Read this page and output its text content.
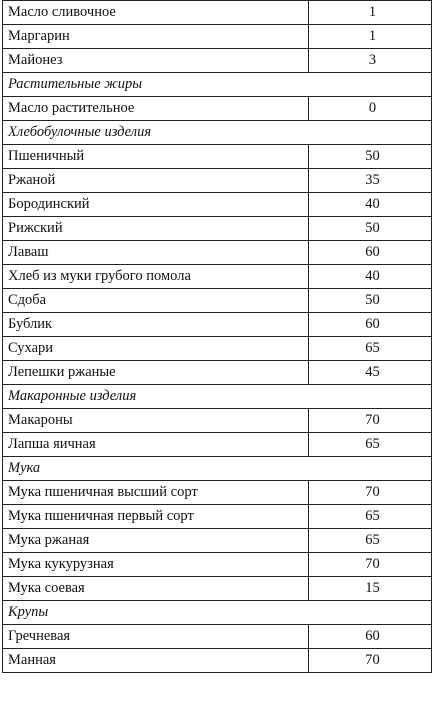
Масло сливочное	1
Маргарин	1
Майонез	3
Растительные жиры	
Масло растительное	0
Хлебобулочные изделия	
Пшеничный	50
Ржаной	35
Бородинский	40
Рижский	50
Лаваш	60
Хлеб из муки грубого помола	40
Сдоба	50
Бублик	60
Сухари	65
Лепешки ржаные	45
Макаронные изделия	
Макароны	70
Лапша яичная	65
Мука	
Мука пшеничная высший сорт	70
Мука пшеничная первый сорт	65
Мука ржаная	65
Мука кукурузная	70
Мука соевая	15
Крупы	
Гречневая	60
Манная	70
